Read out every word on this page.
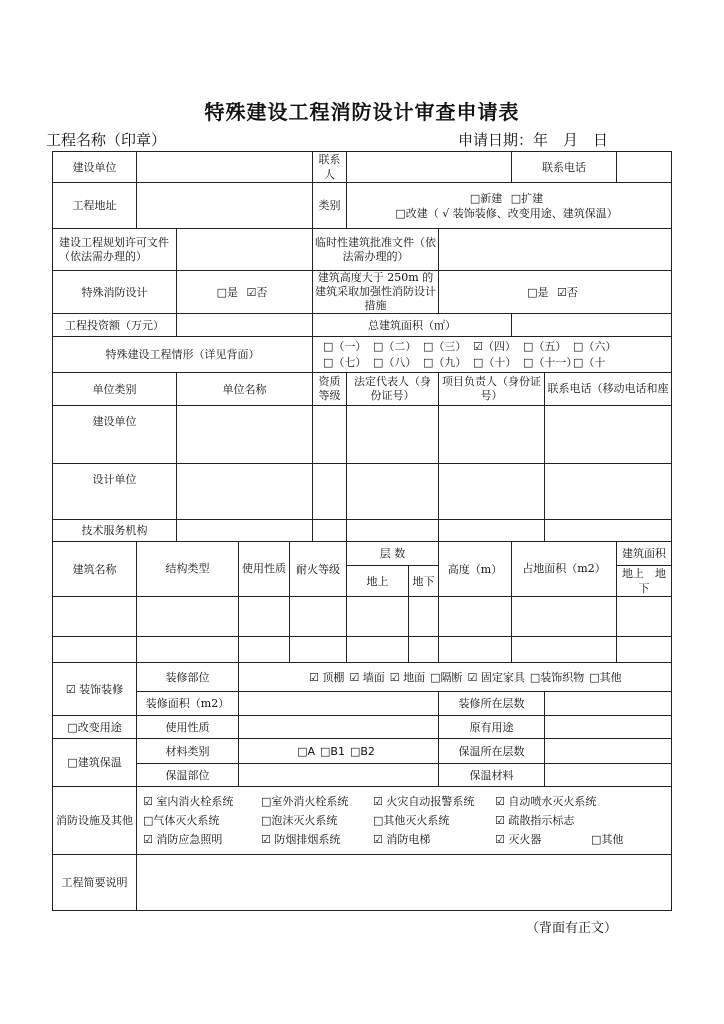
特殊建设工程消防设计审查申请表
工程名称（印章）	申请日期：年　月　日
建设单位					联系人				联系电话		
工程地址					类别	□新建 □扩建
□改建（ √ 装饰装修、改变用途、建筑保温）					
建设工程规划许可文件（依法需办理的）					临时性建筑批准文件（依法需办理的）						
特殊消防设计		□是 ☑否			建筑高度大于 250m 的建筑采取加强性消防设计措施			□是 ☑否			
工程投资额（万元）					总建筑面积（㎡）						
特殊建设工程情形（详见背面）					□（一） □（二） □（三） ☑（四） □（五） □（六）
□（七） □（八） □（九） □（十） □（十一）□（十						
单位类别		单位名称			资质等级	法定代表人（身份证号）		项目负责人（身份证号）		联系电话（移动电话和座	
建设单位											
设计单位											
技术服务机构											
建筑名称	结构类型		使用性质	耐火等级		层 数		高度（m）	占地面积（m2）		建筑面积
						地上	地下				地上　 地下

☑ 装饰装修	装修部位		☑ 顶棚 ☑ 墙面 ☑ 地面 □隔断 ☑ 固定家具 □装饰织物 □其他								
	装修面积（m2）							装修所在层数			
□改变用途	使用性质							原有用途			
□建筑保温	材料类别		□A □B1 □B2					保温所在层数			
	保温部位							保温材料			
消防设施及其他	☑ 室内消火栓系统 □室外消火栓系统 ☑ 火灾自动报警系统 ☑ 自动喷水灭火系统
□气体灭火系统 □泡沫灭火系统 □其他灭火系统 ☑ 疏散指示标志
☑ 消防应急照明 ☑ 防烟排烟系统 ☑ 消防电梯 ☑ 灭火器 □其他										
工程简要说明											
（背面有正文）
